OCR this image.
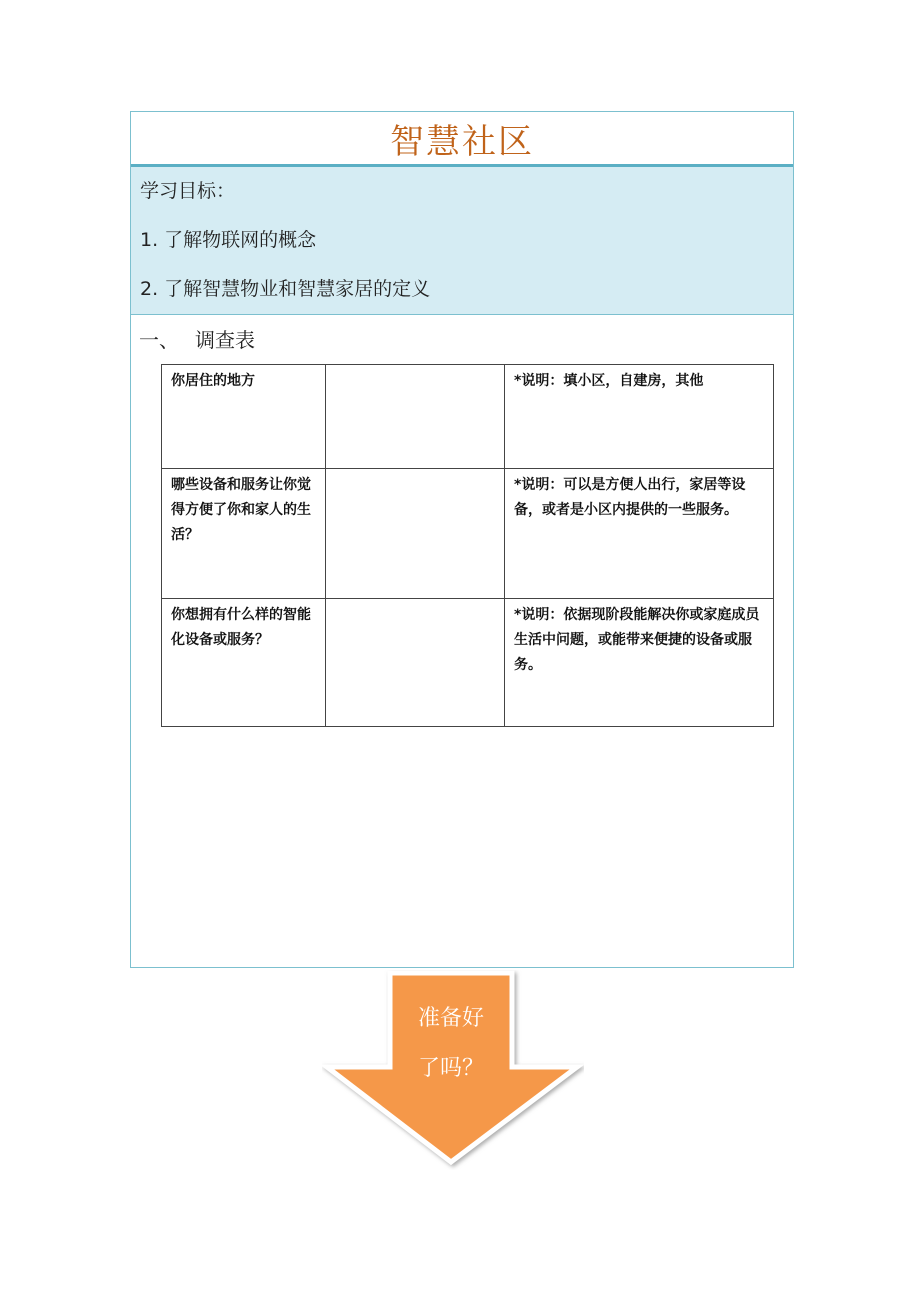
智慧社区
学习目标：
1. 了解物联网的概念
2. 了解智慧物业和智慧家居的定义
一、 调查表
你居住的地方		*说明：填小区，自建房，其他
哪些设备和服务让你觉得方便了你和家人的生活？		*说明：可以是方便人出行，家居等设备，或者是小区内提供的一些服务。
你想拥有什么样的智能化设备或服务？		*说明：依据现阶段能解决你或家庭成员生活中问题，或能带来便捷的设备或服务。
准备好
了吗？
